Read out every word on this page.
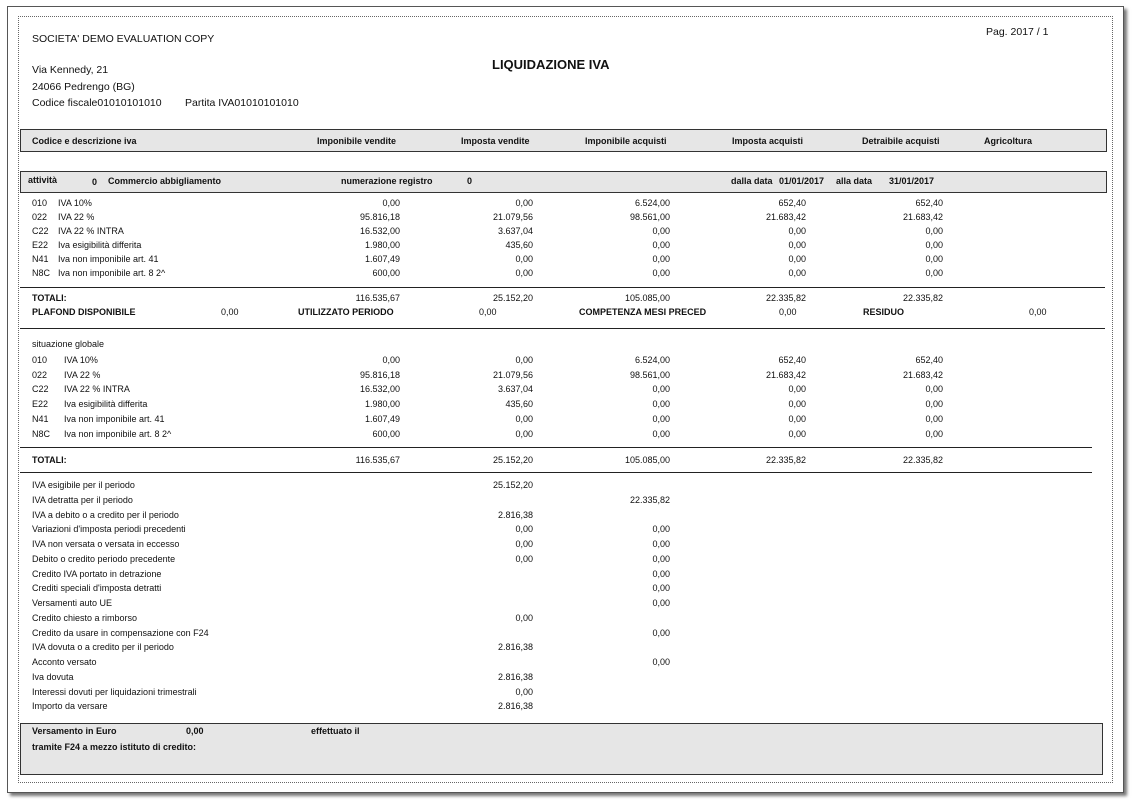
Pag. 2017 / 1
SOCIETA' DEMO EVALUATION COPY
LIQUIDAZIONE IVA
Via Kennedy, 21
24066 Pedrengo (BG)
Codice fiscale01010101010 Partita IVA01010101010
Codice e descrizione iva	Imponibile vendite	Imposta vendite	Imponibile acquisti	Imposta acquisti	Detraibile acquisti	Agricoltura
attività	0 Commercio abbigliamento	numerazione registro	0	dalla data 01/01/2017 alla data 31/01/2017
010 IVA 10%	0,00	0,00	6.524,00	652,40	652,40
022 IVA 22 %	95.816,18	21.079,56	98.561,00	21.683,42	21.683,42
C22 IVA 22 % INTRA	16.532,00	3.637,04	0,00	0,00	0,00
E22 Iva esigibilità differita	1.980,00	435,60	0,00	0,00	0,00
N41 Iva non imponibile art. 41	1.607,49	0,00	0,00	0,00	0,00
N8C Iva non imponibile art. 8 2^	600,00	0,00	0,00	0,00	0,00
TOTALI:	116.535,67	25.152,20	105.085,00	22.335,82	22.335,82
PLAFOND DISPONIBILE	0,00	UTILIZZATO PERIODO	0,00	COMPETENZA MESI PRECED	0,00	RESIDUO	0,00
situazione globale
010 IVA 10%	0,00	0,00	6.524,00	652,40	652,40
022 IVA 22 %	95.816,18	21.079,56	98.561,00	21.683,42	21.683,42
C22 IVA 22 % INTRA	16.532,00	3.637,04	0,00	0,00	0,00
E22 Iva esigibilità differita	1.980,00	435,60	0,00	0,00	0,00
N41 Iva non imponibile art. 41	1.607,49	0,00	0,00	0,00	0,00
N8C Iva non imponibile art. 8 2^	600,00	0,00	0,00	0,00	0,00
TOTALI:	116.535,67	25.152,20	105.085,00	22.335,82	22.335,82
IVA esigibile per il periodo	25.152,20
IVA detratta per il periodo	22.335,82
IVA a debito o a credito per il periodo	2.816,38
Variazioni d'imposta periodi precedenti	0,00	0,00
IVA non versata o versata in eccesso	0,00	0,00
Debito o credito periodo precedente	0,00	0,00
Credito IVA portato in detrazione	0,00
Crediti speciali d'imposta detratti	0,00
Versamenti auto UE	0,00
Credito chiesto a rimborso	0,00
Credito da usare in compensazione con F24	0,00
IVA dovuta o a credito per il periodo	2.816,38
Acconto versato	0,00
Iva dovuta	2.816,38
Interessi dovuti per liquidazioni trimestrali	0,00
Importo da versare	2.816,38
Versamento in Euro	0,00	effettuato il
tramite F24 a mezzo istituto di credito:
